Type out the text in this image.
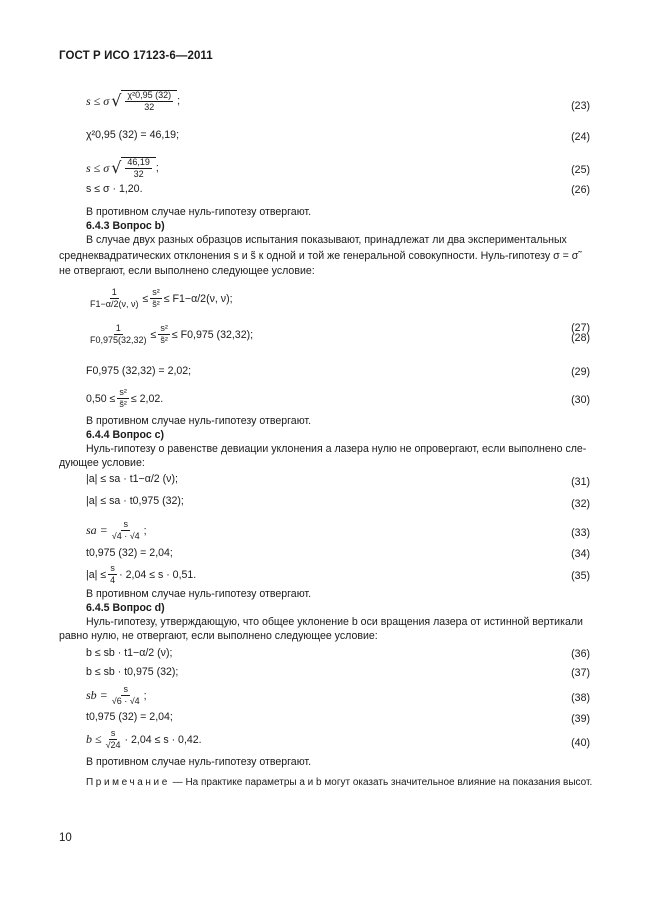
ГОСТ Р ИСО 17123-6—2011
s ≤ σ √ $\frac{\text{χ²0,95 (32)}}{32}$ ;	(23)
χ²0,95 (32) = 46,19;	(24)
s ≤ σ √ $\frac{46,19}{32}$ ;	(25)
s ≤ σ · 1,20.	(26)
В противном случае нуль-гипотезу отвергают.
6.4.3 Вопрос b)
В случае двух разных образцов испытания показывают, принадлежат ли два экспериментальных
среднеквадратических отклонения s и s̃ к одной и той же генеральной совокупности. Нуль-гипотезу σ = σ̃
не отвергают, если выполнено следующее условие:
$\frac{1}{F1-\alpha/2(\nu, \nu)} \le \frac{\text{s²}}{\text{s̃²}} \le F1-\alpha/2(\nu$, ν);
(27)
$\frac{1}{F0,975(32,32)} \le \frac{\text{s²}}{\text{s̃²}} \le F0,975$ (32,32);	(28)
F0,975 (32,32) = 2,02;	(29)
$0,50 \le \frac{\text{s²}}{\text{s̃²}} \le 2,02$.	(30)
В противном случае нуль-гипотезу отвергают.
6.4.4 Вопрос c)
Нуль-гипотезу о равенстве девиации уклонения a лазера нулю не опровергают, если выполнено сле-
дующее условие:
|a| ≤ sa · t1−α/2 (ν);	(31)
|a| ≤ sa · t0,975 (32);	(32)
sa = $\frac{s}{√4 \cdot √4}$ ;	(33)
t0,975 (32) = 2,04;	(34)
$|a| \le \frac{s}{4} \cdot 2,04 \le s \cdot 0,51$.	(35)
В противном случае нуль-гипотезу отвергают.
6.4.5 Вопрос d)
Нуль-гипотезу, утверждающую, что общее уклонение b оси вращения лазера от истинной вертикали
равно нулю, не отвергают, если выполнено следующее условие:
b ≤ sb · t1−α/2 (ν);	(36)
b ≤ sb · t0,975 (32);	(37)
sb = $\frac{s}{√6 \cdot √4}$ ;	(38)
t0,975 (32) = 2,04;	(39)
$b \le \frac{s}{√24} \cdot 2,04 \le s \cdot 0,42$.	(40)
В противном случае нуль-гипотезу отвергают.
Примечание — На практике параметры a и b могут оказать значительное влияние на показания высот.
10
